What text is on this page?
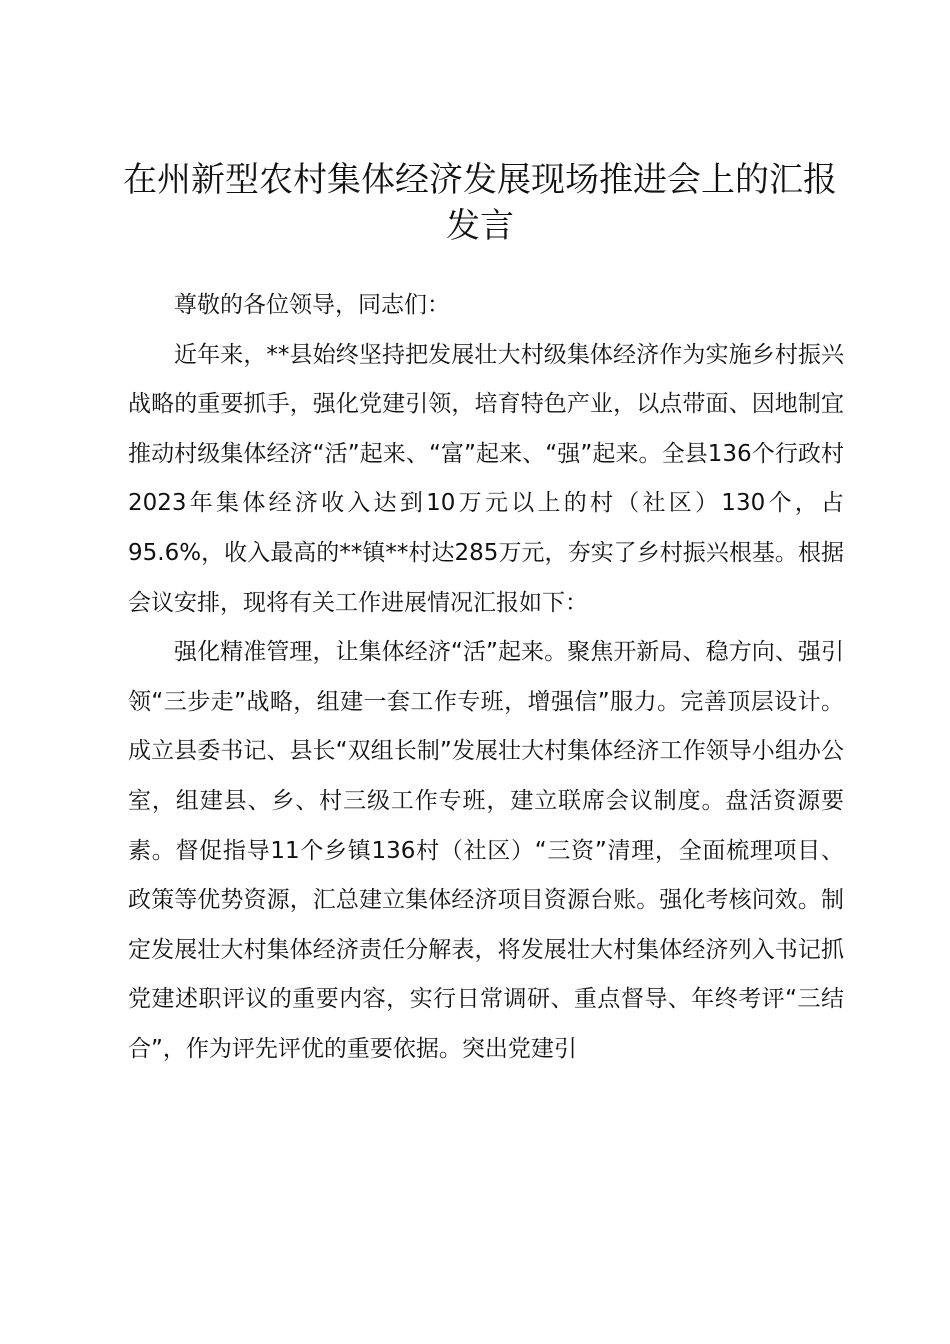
在州新型农村集体经济发展现场推进会上的汇报发言

尊敬的各位领导，同志们：

近年来，**县始终坚持把发展壮大村级集体经济作为实施乡村振兴战略的重要抓手，强化党建引领，培育特色产业，以点带面、因地制宜推动村级集体经济“活”起来、“富”起来、“强”起来。全县136个行政村2023年集体经济收入达到10万元以上的村（社区）130个，占95.6%，收入最高的**镇**村达285万元，夯实了乡村振兴根基。根据会议安排，现将有关工作进展情况汇报如下：

强化精准管理，让集体经济“活”起来。聚焦开新局、稳方向、强引领“三步走”战略，组建一套工作专班，增强信”服力。完善顶层设计。成立县委书记、县长“双组长制”发展壮大村集体经济工作领导小组办公室，组建县、乡、村三级工作专班，建立联席会议制度。盘活资源要素。督促指导11个乡镇136村（社区）“三资”清理，全面梳理项目、政策等优势资源，汇总建立集体经济项目资源台账。强化考核问效。制定发展壮大村集体经济责任分解表，将发展壮大村集体经济列入书记抓党建述职评议的重要内容，实行日常调研、重点督导、年终考评“三结合”，作为评先评优的重要依据。突出党建引
